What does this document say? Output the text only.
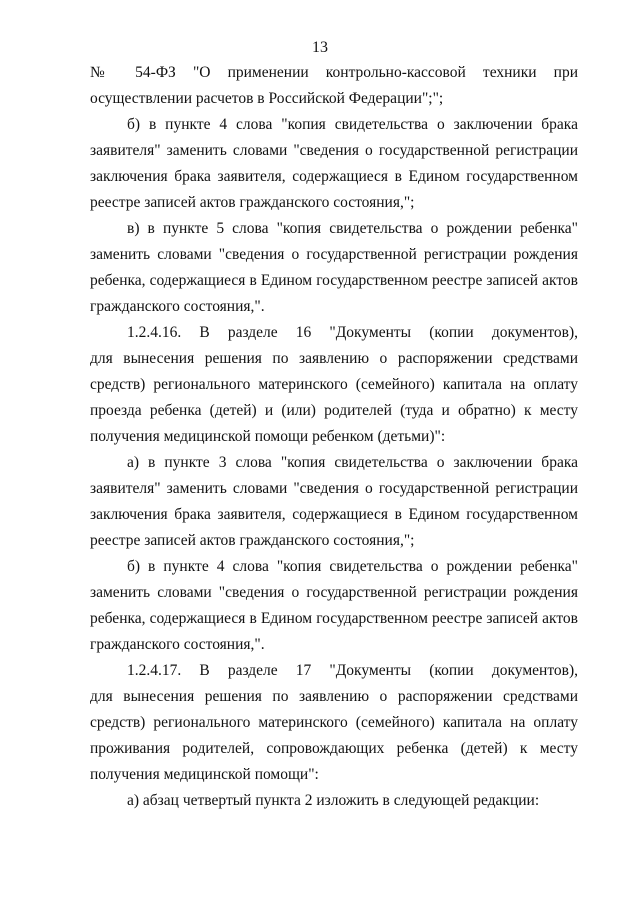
13
№ 54-ФЗ "О применении контрольно-кассовой техники при
осуществлении расчетов в Российской Федерации";";
б) в пункте 4 слова "копия свидетельства о заключении брака
заявителя" заменить словами "сведения о государственной регистрации
заключения брака заявителя, содержащиеся в Едином государственном
реестре записей актов гражданского состояния,";
в) в пункте 5 слова "копия свидетельства о рождении ребенка"
заменить словами "сведения о государственной регистрации рождения
ребенка, содержащиеся в Едином государственном реестре записей актов
гражданского состояния,".
1.2.4.16. В разделе 16 "Документы (копии документов),
для вынесения решения по заявлению о распоряжении средствами
средств) регионального материнского (семейного) капитала на оплату
проезда ребенка (детей) и (или) родителей (туда и обратно) к месту
получения медицинской помощи ребенком (детьми)":
а) в пункте 3 слова "копия свидетельства о заключении брака
заявителя" заменить словами "сведения о государственной регистрации
заключения брака заявителя, содержащиеся в Едином государственном
реестре записей актов гражданского состояния,";
б) в пункте 4 слова "копия свидетельства о рождении ребенка"
заменить словами "сведения о государственной регистрации рождения
ребенка, содержащиеся в Едином государственном реестре записей актов
гражданского состояния,".
1.2.4.17. В разделе 17 "Документы (копии документов),
для вынесения решения по заявлению о распоряжении средствами
средств) регионального материнского (семейного) капитала на оплату
проживания родителей, сопровождающих ребенка (детей) к месту
получения медицинской помощи":
а) абзац четвертый пункта 2 изложить в следующей редакции:
